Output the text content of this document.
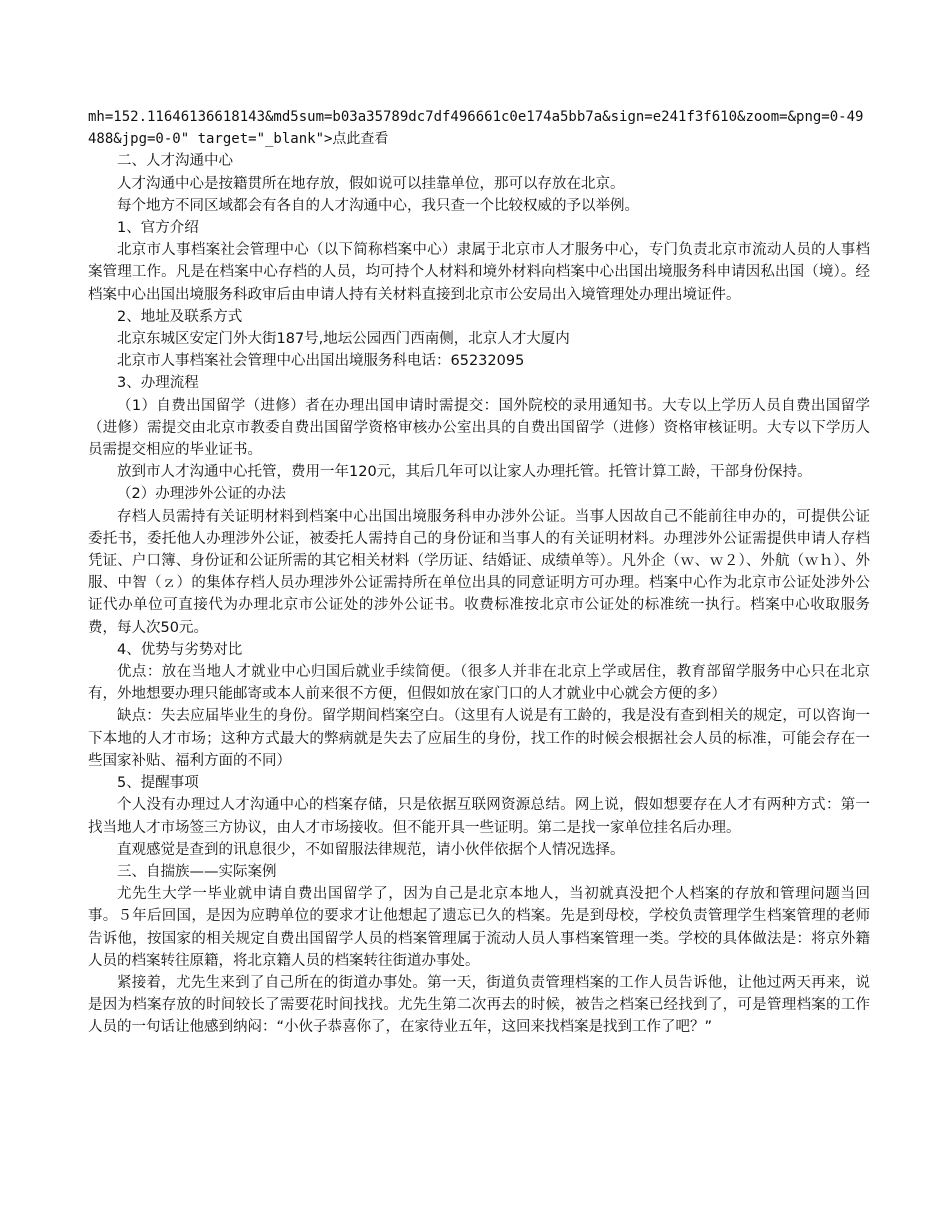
mh=152.11646136618143&md5sum=b03a35789dc7df496661c0e174a5bb7a&sign=e241f3f610&zoom=&png=0-49488&jpg=0-0" target="_blank">点此查看

二、人才沟通中心

人才沟通中心是按籍贯所在地存放，假如说可以挂靠单位，那可以存放在北京。

每个地方不同区域都会有各自的人才沟通中心，我只查一个比较权威的予以举例。

1、官方介绍

北京市人事档案社会管理中心（以下简称档案中心）隶属于北京市人才服务中心，专门负责北京市流动人员的人事档案管理工作。凡是在档案中心存档的人员，均可持个人材料和境外材料向档案中心出国出境服务科申请因私出国（境）。经档案中心出国出境服务科政审后由申请人持有关材料直接到北京市公安局出入境管理处办理出境证件。

2、地址及联系方式

北京东城区安定门外大街187号,地坛公园西门西南侧，北京人才大厦内

北京市人事档案社会管理中心出国出境服务科电话：65232095

3、办理流程

（1）自费出国留学（进修）者在办理出国申请时需提交：国外院校的录用通知书。大专以上学历人员自费出国留学（进修）需提交由北京市教委自费出国留学资格审核办公室出具的自费出国留学（进修）资格审核证明。大专以下学历人员需提交相应的毕业证书。

放到市人才沟通中心托管，费用一年120元，其后几年可以让家人办理托管。托管计算工龄，干部身份保持。

（2）办理涉外公证的办法

存档人员需持有关证明材料到档案中心出国出境服务科申办涉外公证。当事人因故自己不能前往申办的，可提供公证委托书，委托他人办理涉外公证，被委托人需持自己的身份证和当事人的有关证明材料。办理涉外公证需提供申请人存档凭证、户口簿、身份证和公证所需的其它相关材料（学历证、结婚证、成绩单等）。凡外企（ｗ、ｗ２）、外航（ｗｈ）、外服、中智（ｚ）的集体存档人员办理涉外公证需持所在单位出具的同意证明方可办理。档案中心作为北京市公证处涉外公证代办单位可直接代为办理北京市公证处的涉外公证书。收费标准按北京市公证处的标准统一执行。档案中心收取服务费，每人次50元。

4、优势与劣势对比

优点：放在当地人才就业中心归国后就业手续简便。（很多人并非在北京上学或居住，教育部留学服务中心只在北京有，外地想要办理只能邮寄或本人前来很不方便，但假如放在家门口的人才就业中心就会方便的多）

缺点：失去应届毕业生的身份。留学期间档案空白。（这里有人说是有工龄的，我是没有查到相关的规定，可以咨询一下本地的人才市场；这种方式最大的弊病就是失去了应届生的身份，找工作的时候会根据社会人员的标准，可能会存在一些国家补贴、福利方面的不同）

5、提醒事项

个人没有办理过人才沟通中心的档案存储，只是依据互联网资源总结。网上说，假如想要存在人才有两种方式：第一找当地人才市场签三方协议，由人才市场接收。但不能开具一些证明。第二是找一家单位挂名后办理。

直观感觉是查到的讯息很少，不如留服法律规范，请小伙伴依据个人情况选择。

三、自揣族——实际案例

尤先生大学一毕业就申请自费出国留学了，因为自己是北京本地人，当初就真没把个人档案的存放和管理问题当回事。５年后回国，是因为应聘单位的要求才让他想起了遗忘已久的档案。先是到母校，学校负责管理学生档案管理的老师告诉他，按国家的相关规定自费出国留学人员的档案管理属于流动人员人事档案管理一类。学校的具体做法是：将京外籍人员的档案转往原籍，将北京籍人员的档案转往街道办事处。

紧接着，尤先生来到了自己所在的街道办事处。第一天，街道负责管理档案的工作人员告诉他，让他过两天再来，说是因为档案存放的时间较长了需要花时间找找。尤先生第二次再去的时候，被告之档案已经找到了，可是管理档案的工作人员的一句话让他感到纳闷：“小伙子恭喜你了，在家待业五年，这回来找档案是找到工作了吧？”
